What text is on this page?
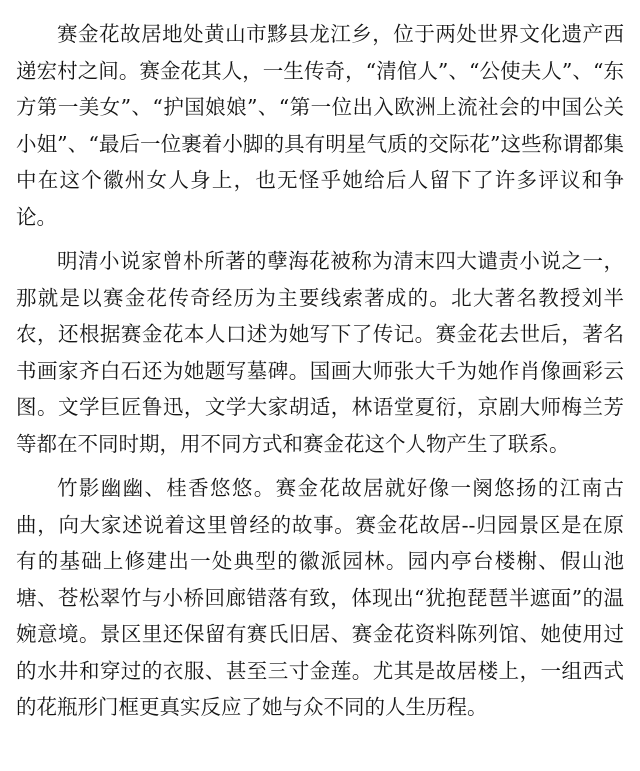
赛金花故居地处黄山市黟县龙江乡，位于两处世界文化遗产西递宏村之间。赛金花其人，一生传奇，“清倌人”、“公使夫人”、“东方第一美女”、“护国娘娘”、“第一位出入欧洲上流社会的中国公关小姐”、“最后一位裹着小脚的具有明星气质的交际花”这些称谓都集中在这个徽州女人身上，也无怪乎她给后人留下了许多评议和争论。

明清小说家曾朴所著的孽海花被称为清末四大谴责小说之一，那就是以赛金花传奇经历为主要线索著成的。北大著名教授刘半农，还根据赛金花本人口述为她写下了传记。赛金花去世后，著名书画家齐白石还为她题写墓碑。国画大师张大千为她作肖像画彩云图。文学巨匠鲁迅，文学大家胡适，林语堂夏衍，京剧大师梅兰芳等都在不同时期，用不同方式和赛金花这个人物产生了联系。

竹影幽幽、桂香悠悠。赛金花故居就好像一阕悠扬的江南古曲，向大家述说着这里曾经的故事。赛金花故居--归园景区是在原有的基础上修建出一处典型的徽派园林。园内亭台楼榭、假山池塘、苍松翠竹与小桥回廊错落有致，体现出“犹抱琵琶半遮面”的温婉意境。景区里还保留有赛氏旧居、赛金花资料陈列馆、她使用过的水井和穿过的衣服、甚至三寸金莲。尤其是故居楼上，一组西式的花瓶形门框更真实反应了她与众不同的人生历程。
